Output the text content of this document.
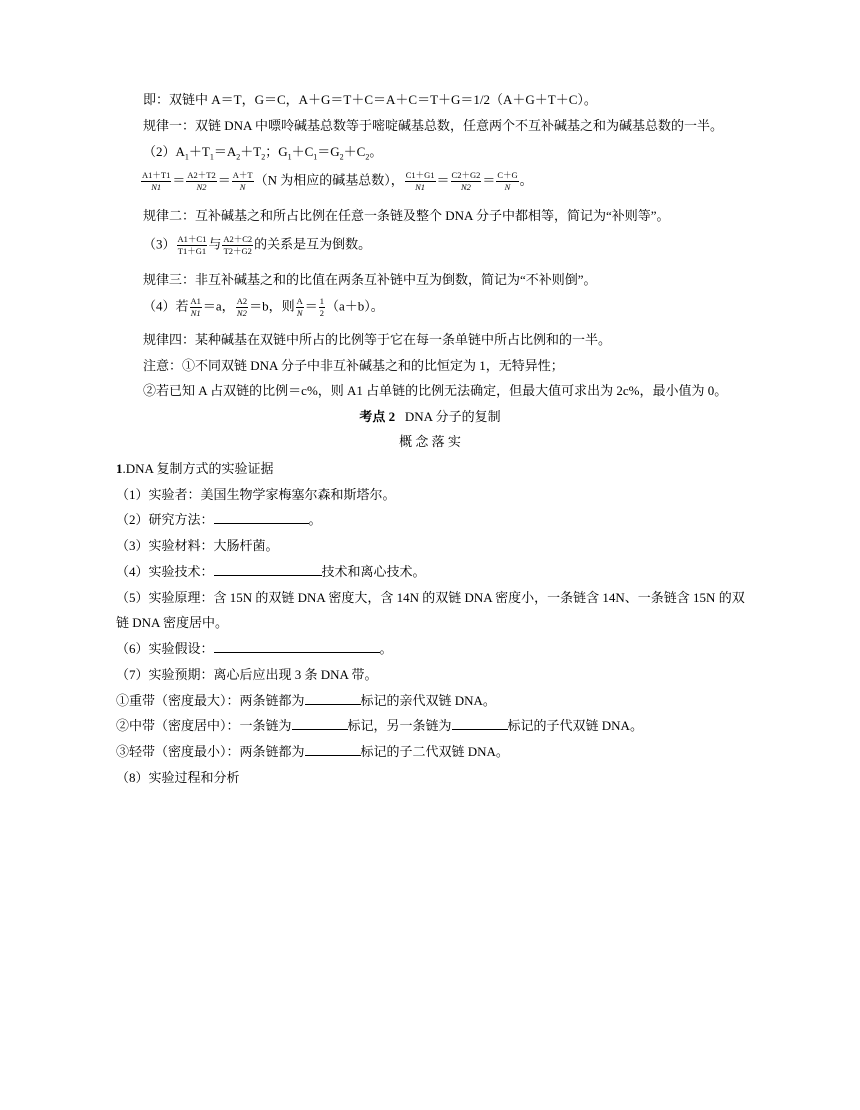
即：双链中 A＝T，G＝C，A＋G＝T＋C＝A＋C＝T＋G＝1/2（A＋G＋T＋C）。
规律一：双链 DNA 中嘌呤碱基总数等于嘧啶碱基总数，任意两个不互补碱基之和为碱基总数的一半。
$(2)A_1+T_1=A_2+T_2$；$G_1+C_1=G_2+C_2$。
$\frac{A1+T1}{N1} = \frac{A2+T2}{N2} = \frac{A+T}{N} (N$ 为相应的碱基总数）， $\frac{C1+G1}{N1} = \frac{C2+G2}{N2} = \frac{C+G}{N}$ 。
规律二：互补碱基之和所占比例在任意一条链及整个 DNA 分子中都相等，简记为“补则等”。
$(3) \frac{A1+C1}{T1+G1}$ 与 $\frac{A2+C2}{T2+G2}$ 的关系是互为倒数。
规律三：非互补碱基之和的比值在两条互补链中互为倒数，简记为“不补则倒”。
（4）若 $\frac{A1}{N1} =a$， $\frac{A2}{N2} =b$，则 $\frac{A}{N} = \frac{1}{2} (a+b)$。
规律四：某种碱基在双链中所占的比例等于它在每一条单链中所占比例和的一半。
注意：①不同双链 DNA 分子中非互补碱基之和的比恒定为 1，无特异性；
②若已知 A 占双链的比例＝c%，则 A1 占单链的比例无法确定，但最大值可求出为 2c%，最小值为 0。
考点 2 DNA 分子的复制
概 念 落 实
1.DNA 复制方式的实验证据
（1）实验者：美国生物学家梅塞尔森和斯塔尔。
（2）研究方法：	。
（3）实验材料：大肠杆菌。
（4）实验技术：	技术和离心技术。
（5）实验原理：含 15N 的双链 DNA 密度大，含 14N 的双链 DNA 密度小，一条链含 14N、一条链含 15N 的双
链 DNA 密度居中。
（6）实验假设：	。
（7）实验预期：离心后应出现 3 条 DNA 带。
①重带（密度最大）：两条链都为	标记的亲代双链 DNA。
②中带（密度居中）：一条链为	标记，另一条链为	标记的子代双链 DNA。
③轻带（密度最小）：两条链都为	标记的子二代双链 DNA。
（8）实验过程和分析
